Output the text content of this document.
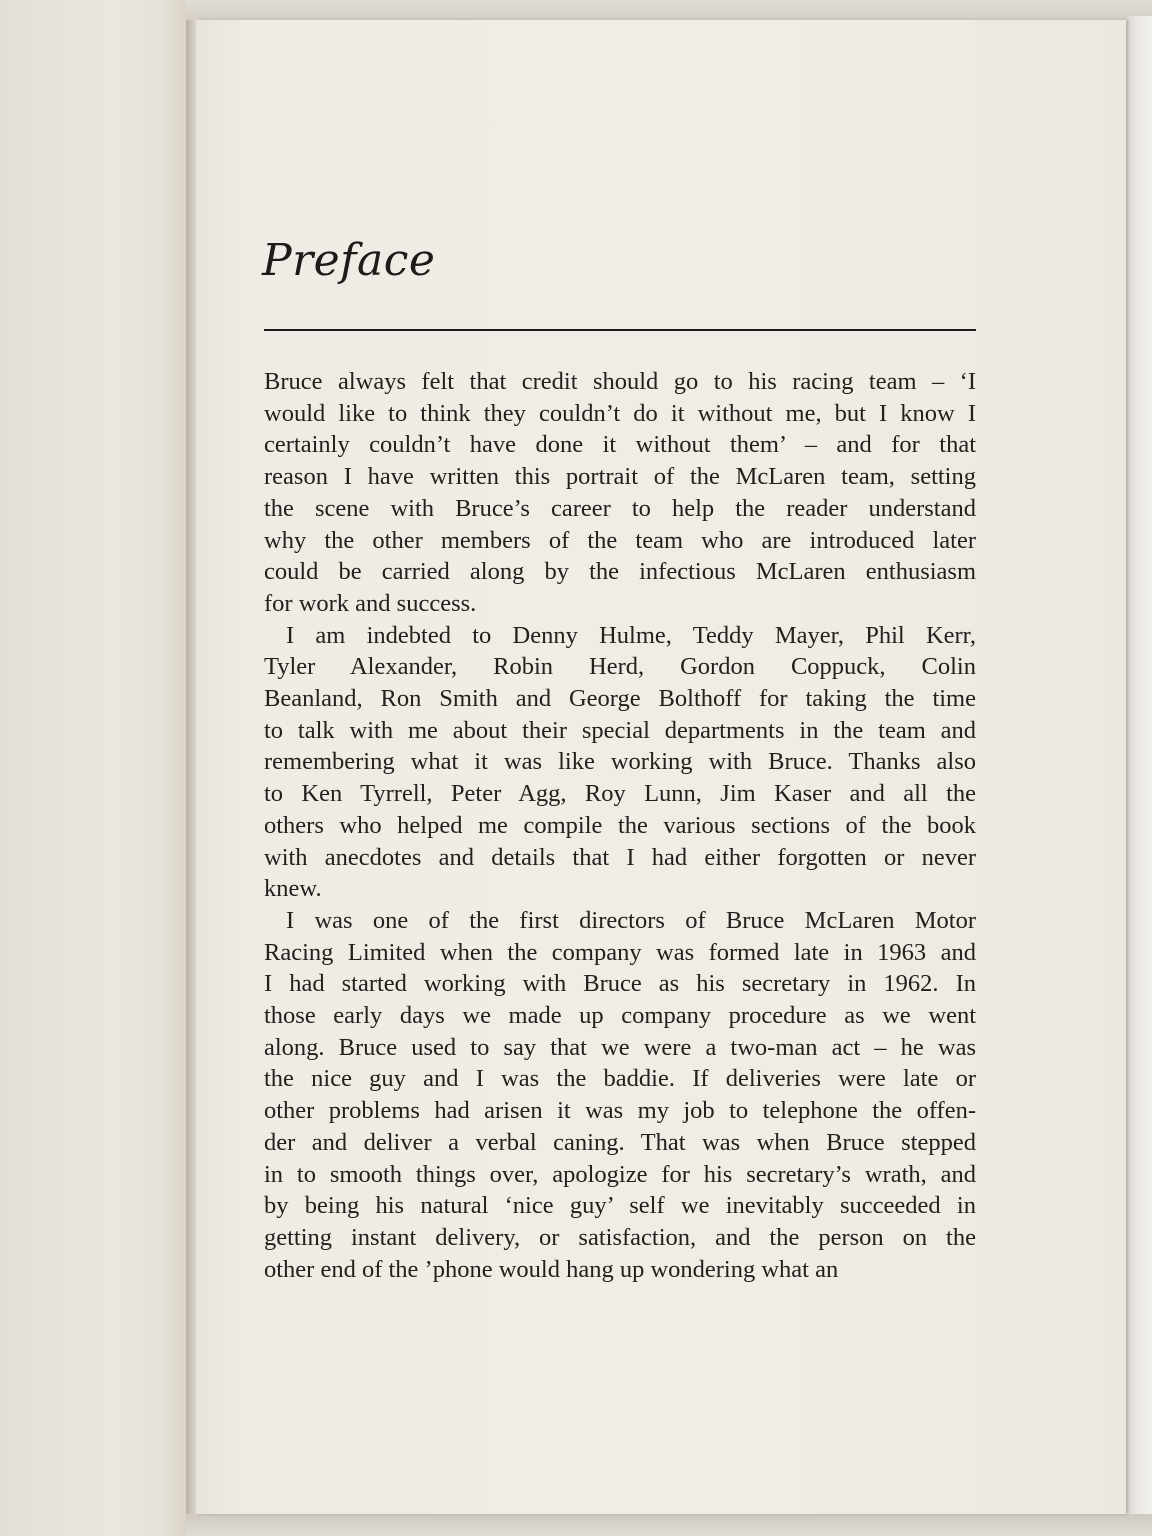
Preface

Bruce always felt that credit should go to his racing team – ‘I
would like to think they couldn’t do it without me, but I know I
certainly couldn’t have done it without them’ – and for that
reason I have written this portrait of the McLaren team, setting
the scene with Bruce’s career to help the reader understand
why the other members of the team who are introduced later
could be carried along by the infectious McLaren enthusiasm
for work and success.

I am indebted to Denny Hulme, Teddy Mayer, Phil Kerr,
Tyler Alexander, Robin Herd, Gordon Coppuck, Colin
Beanland, Ron Smith and George Bolthoff for taking the time
to talk with me about their special departments in the team and
remembering what it was like working with Bruce. Thanks also
to Ken Tyrrell, Peter Agg, Roy Lunn, Jim Kaser and all the
others who helped me compile the various sections of the book
with anecdotes and details that I had either forgotten or never
knew.

I was one of the first directors of Bruce McLaren Motor
Racing Limited when the company was formed late in 1963 and
I had started working with Bruce as his secretary in 1962. In
those early days we made up company procedure as we went
along. Bruce used to say that we were a two-man act – he was
the nice guy and I was the baddie. If deliveries were late or
other problems had arisen it was my job to telephone the offen-
der and deliver a verbal caning. That was when Bruce stepped
in to smooth things over, apologize for his secretary’s wrath, and
by being his natural ‘nice guy’ self we inevitably succeeded in
getting instant delivery, or satisfaction, and the person on the
other end of the ’phone would hang up wondering what an
